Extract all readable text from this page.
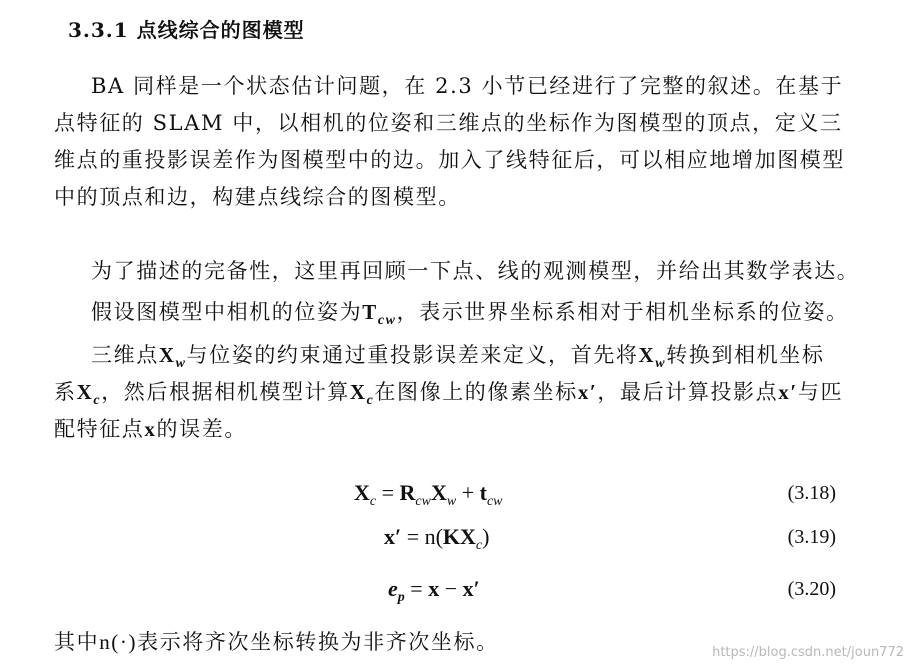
3.3.1 点线综合的图模型

BA 同样是一个状态估计问题，在 2.3 小节已经进行了完整的叙述。在基于
点特征的 SLAM 中，以相机的位姿和三维点的坐标作为图模型的顶点，定义三
维点的重投影误差作为图模型中的边。加入了线特征后，可以相应地增加图模型
中的顶点和边，构建点线综合的图模型。

为了描述的完备性，这里再回顾一下点、线的观测模型，并给出其数学表达。

假设图模型中相机的位姿为$T_{cw}$，表示世界坐标系相对于相机坐标系的位姿。

三维点$X_w$与位姿的约束通过重投影误差来定义，首先将$X_w$转换到相机坐标
系$X_c$，然后根据相机模型计算$X_c$在图像上的像素坐标x′，最后计算投影点x′与匹
配特征点x的误差。

$X_c = R_{cw}X_w + t_{cw}$	(3.18)
$x' = n(KX_c)$	(3.19)
$e_p = x - x'$	(3.20)

其中n(·)表示将齐次坐标转换为非齐次坐标。	https://blog.csdn.net/joun772
